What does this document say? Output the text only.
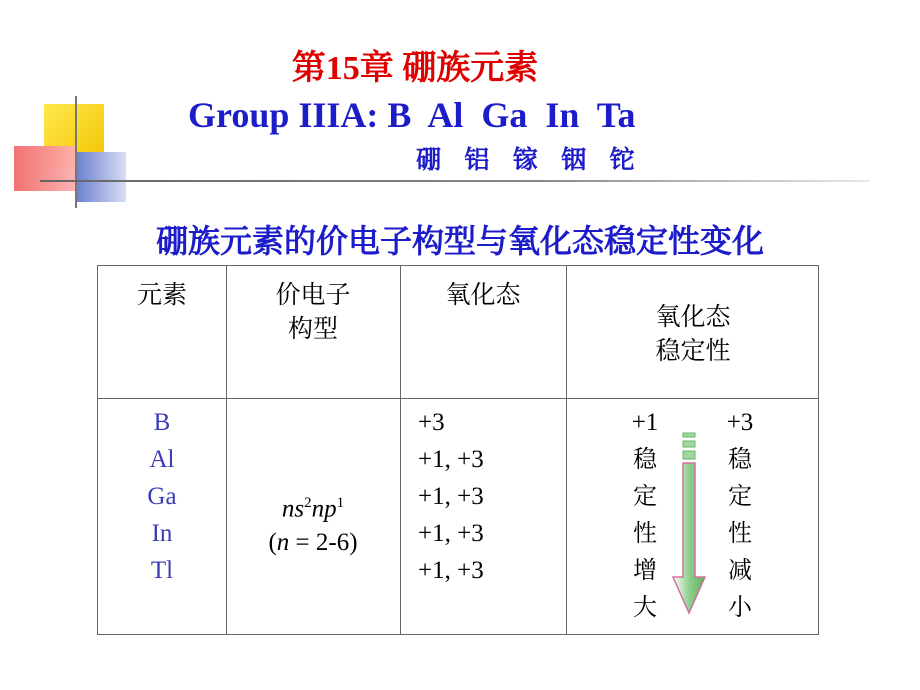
第15章 硼族元素
Group IIIA: B  Al  Ga  In  Ta
硼  铝  镓  铟  铊
硼族元素的价电子构型与氧化态稳定性变化
元素	价电子
构型
氧化态
氧化态
稳定性
B
Al
Ga
In
Tl
$ns^2np^1$
(n = 2-6)
+3
+1, +3
+1, +3
+1, +3
+1, +3
+1
稳
定
性
增
大
+3
稳
定
性
减
小
